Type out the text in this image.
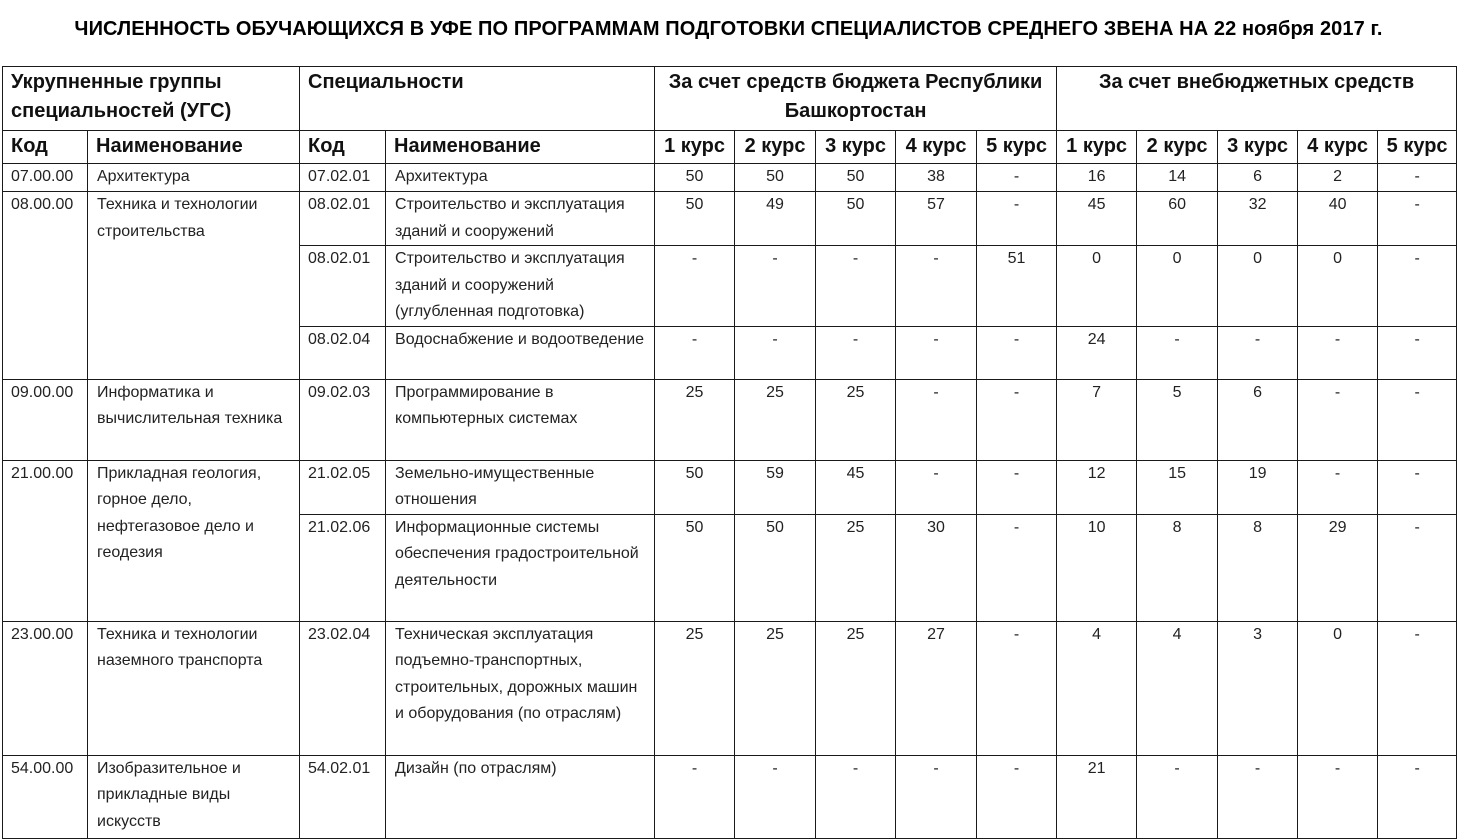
ЧИСЛЕННОСТЬ ОБУЧАЮЩИХСЯ В УФЕ ПО ПРОГРАММАМ ПОДГОТОВКИ СПЕЦИАЛИСТОВ СРЕДНЕГО ЗВЕНА НА 22 ноября 2017 г.
Укрупненные группы специальностей (УГС)		Специальности		За счет средств бюджета Республики Башкортостан					За счет внебюджетных средств				
Код	Наименование	Код	Наименование	1 курс	2 курс	3 курс	4 курс	5 курс	1 курс	2 курс	3 курс	4 курс	5 курс
07.00.00	Архитектура	07.02.01	Архитектура	50	50	50	38	-	16	14	6	2	-
08.00.00	Техника и технологии строительства	08.02.01	Строительство и эксплуатация зданий и сооружений	50	49	50	57	-	45	60	32	40	-
		08.02.01	Строительство и эксплуатация зданий и сооружений (углубленная подготовка)	-	-	-	-	51	0	0	0	0	-
		08.02.04	Водоснабжение и водоотведение	-	-	-	-	-	24	-	-	-	-
09.00.00	Информатика и вычислительная техника	09.02.03	Программирование в компьютерных системах	25	25	25	-	-	7	5	6	-	-
21.00.00	Прикладная геология, горное дело, нефтегазовое дело и геодезия	21.02.05	Земельно-имущественные отношения	50	59	45	-	-	12	15	19	-	-
		21.02.06	Информационные системы обеспечения градостроительной деятельности	50	50	25	30	-	10	8	8	29	-
23.00.00	Техника и технологии наземного транспорта	23.02.04	Техническая эксплуатация подъемно-транспортных, строительных, дорожных машин и оборудования (по отраслям)	25	25	25	27	-	4	4	3	0	-
54.00.00	Изобразительное и прикладные виды искусств	54.02.01	Дизайн (по отраслям)	-	-	-	-	-	21	-	-	-	-
